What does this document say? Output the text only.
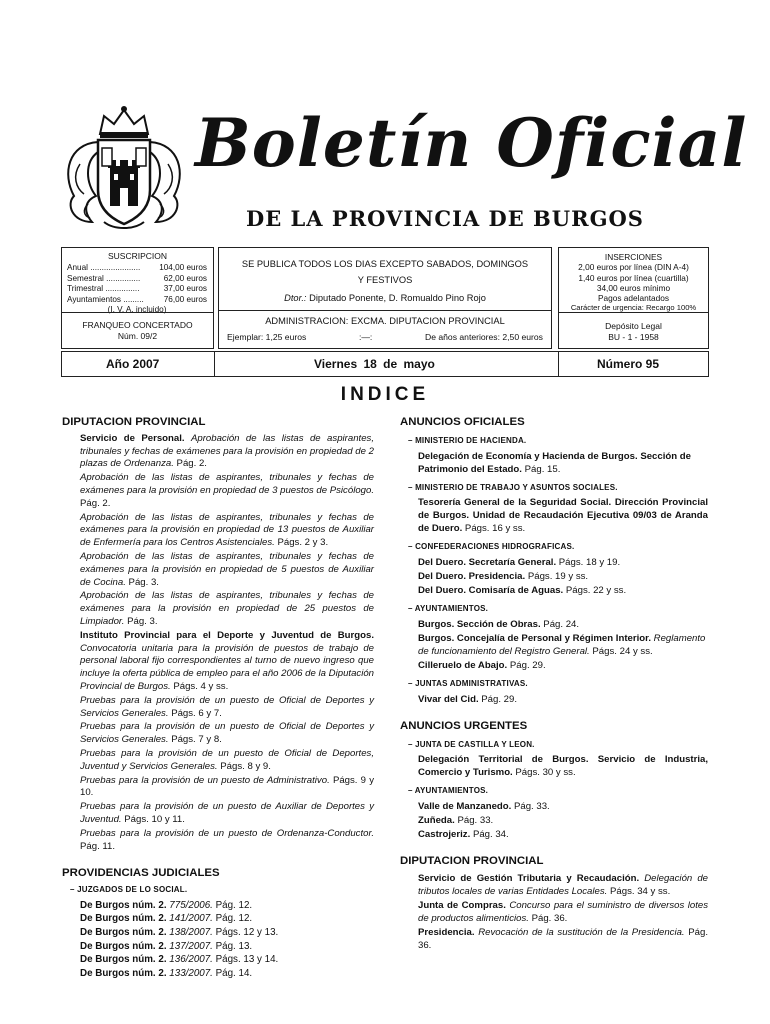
Boletín Oficial
DE LA PROVINCIA DE BURGOS
SUSCRIPCION
Anual ...................... 104,00 euros
Semestral ...............	62,00 euros
Trimestral ...............	37,00 euros
Ayuntamientos ......... 76,00 euros
(I. V. A. incluido)
FRANQUEO CONCERTADO
Núm. 09/2
SE PUBLICA TODOS LOS DIAS EXCEPTO SABADOS, DOMINGOS
Y FESTIVOS
Dtor.: Diputado Ponente, D. Romualdo Pino Rojo
ADMINISTRACION: EXCMA. DIPUTACION PROVINCIAL
Ejemplar: 1,25 euros	:—:	De años anteriores: 2,50 euros
INSERCIONES
2,00 euros por línea (DIN A-4)
1,40 euros por línea (cuartilla)
34,00 euros mínimo
Pagos adelantados
Carácter de urgencia: Recargo 100%
Depósito Legal
BU - 1 - 1958
Año 2007	Viernes 18 de mayo	Número 95
INDICE
DIPUTACION PROVINCIAL
Servicio de Personal. Aprobación de las listas de aspirantes, tribunales y fechas de exámenes para la provisión en propiedad de 2 plazas de Ordenanza. Pág. 2.
Aprobación de las listas de aspirantes, tribunales y fechas de exámenes para la provisión en propiedad de 3 puestos de Psicólogo. Pág. 2.
Aprobación de las listas de aspirantes, tribunales y fechas de exámenes para la provisión en propiedad de 13 puestos de Auxiliar de Enfermería para los Centros Asistenciales. Págs. 2 y 3.
Aprobación de las listas de aspirantes, tribunales y fechas de exámenes para la provisión en propiedad de 5 puestos de Auxiliar de Cocina. Pág. 3.
Aprobación de las listas de aspirantes, tribunales y fechas de exámenes para la provisión en propiedad de 25 puestos de Limpiador. Pág. 3.
Instituto Provincial para el Deporte y Juventud de Burgos. Convocatoria unitaria para la provisión de puestos de trabajo de personal laboral fijo correspondientes al turno de nuevo ingreso que incluye la oferta pública de empleo para el año 2006 de la Diputación Provincial de Burgos. Págs. 4 y ss.
Pruebas para la provisión de un puesto de Oficial de Deportes y Servicios Generales. Págs. 6 y 7.
Pruebas para la provisión de un puesto de Oficial de Deportes y Servicios Generales. Págs. 7 y 8.
Pruebas para la provisión de un puesto de Oficial de Deportes, Juventud y Servicios Generales. Págs. 8 y 9.
Pruebas para la provisión de un puesto de Administrativo. Págs. 9 y 10.
Pruebas para la provisión de un puesto de Auxiliar de Deportes y Juventud. Págs. 10 y 11.
Pruebas para la provisión de un puesto de Ordenanza-Conductor. Pág. 11.
PROVIDENCIAS JUDICIALES
– JUZGADOS DE LO SOCIAL.
De Burgos núm. 2. 775/2006. Pág. 12.
De Burgos núm. 2. 141/2007. Pág. 12.
De Burgos núm. 2. 138/2007. Págs. 12 y 13.
De Burgos núm. 2. 137/2007. Pág. 13.
De Burgos núm. 2. 136/2007. Págs. 13 y 14.
De Burgos núm. 2. 133/2007. Pág. 14.
ANUNCIOS OFICIALES
– MINISTERIO DE HACIENDA.
Delegación de Economía y Hacienda de Burgos. Sección de Patrimonio del Estado. Pág. 15.
– MINISTERIO DE TRABAJO Y ASUNTOS SOCIALES.
Tesorería General de la Seguridad Social. Dirección Provincial de Burgos. Unidad de Recaudación Ejecutiva 09/03 de Aranda de Duero. Págs. 16 y ss.
– CONFEDERACIONES HIDROGRAFICAS.
Del Duero. Secretaría General. Págs. 18 y 19.
Del Duero. Presidencia. Págs. 19 y ss.
Del Duero. Comisaría de Aguas. Págs. 22 y ss.
– AYUNTAMIENTOS.
Burgos. Sección de Obras. Pág. 24.
Burgos. Concejalía de Personal y Régimen Interior. Reglamento de funcionamiento del Registro General. Págs. 24 y ss.
Cilleruelo de Abajo. Pág. 29.
– JUNTAS ADMINISTRATIVAS.
Vivar del Cid. Pág. 29.
ANUNCIOS URGENTES
– JUNTA DE CASTILLA Y LEON.
Delegación Territorial de Burgos. Servicio de Industria, Comercio y Turismo. Págs. 30 y ss.
– AYUNTAMIENTOS.
Valle de Manzanedo. Pág. 33.
Zuñeda. Pág. 33.
Castrojeriz. Pág. 34.
DIPUTACION PROVINCIAL
Servicio de Gestión Tributaria y Recaudación. Delegación de tributos locales de varias Entidades Locales. Págs. 34 y ss.
Junta de Compras. Concurso para el suministro de diversos lotes de productos alimenticios. Pág. 36.
Presidencia. Revocación de la sustitución de la Presidencia. Pág. 36.
